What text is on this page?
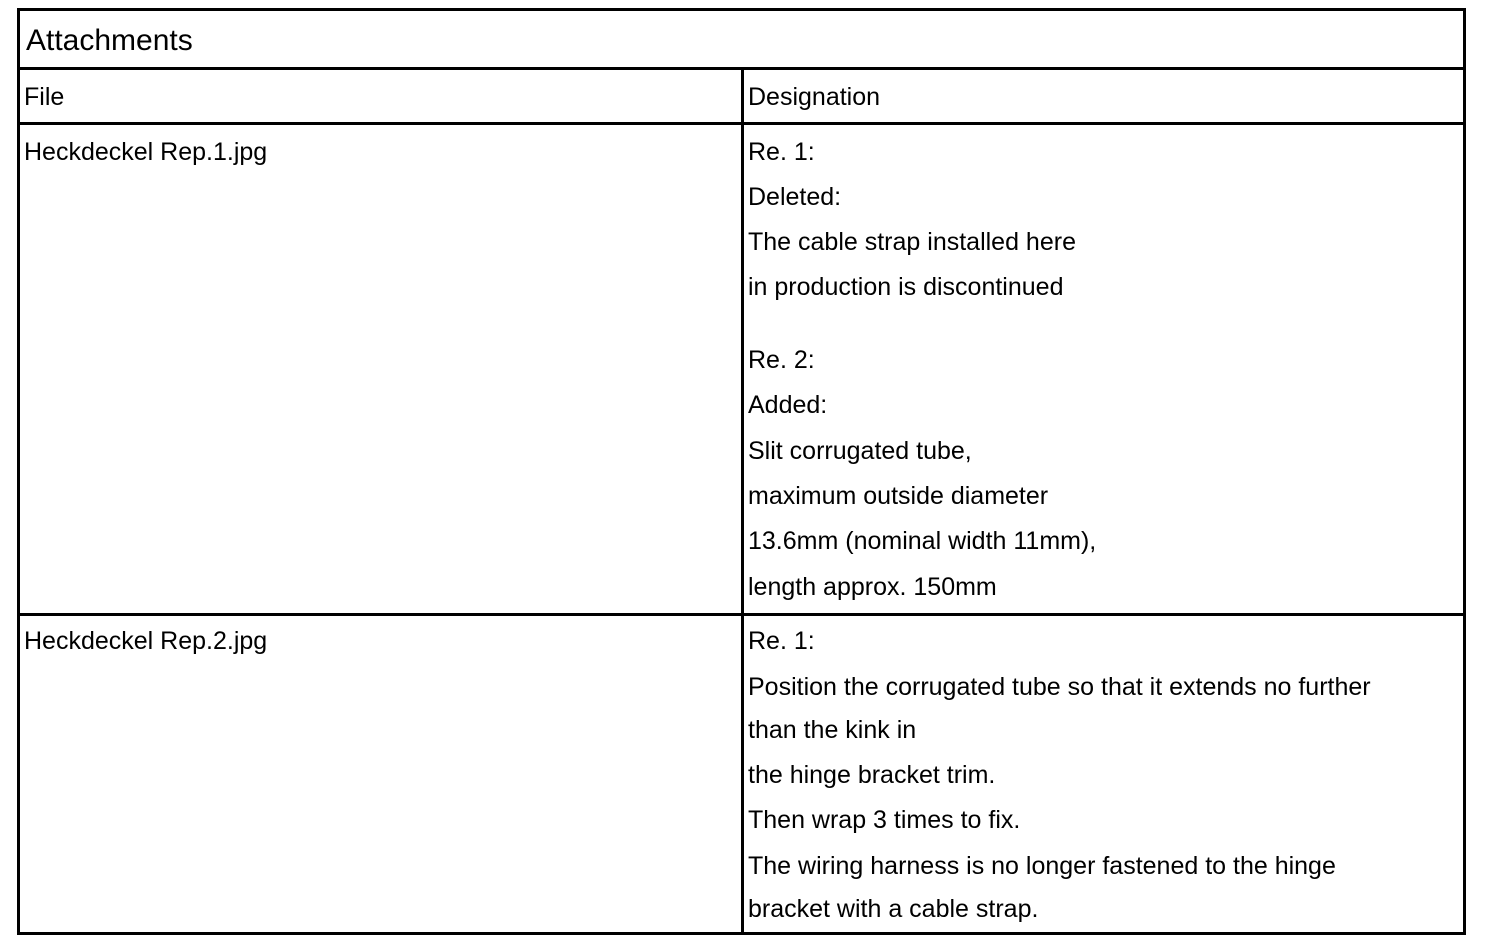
Attachments
File	Designation
Heckdeckel Rep.1.jpg	Re. 1:
Deleted:
The cable strap installed here
in production is discontinued
Re. 2:
Added:
Slit corrugated tube,
maximum outside diameter
13.6mm (nominal width 11mm),
length approx. 150mm
Heckdeckel Rep.2.jpg	Re. 1:
Position the corrugated tube so that it extends no further
than the kink in
the hinge bracket trim.
Then wrap 3 times to fix.
The wiring harness is no longer fastened to the hinge
bracket with a cable strap.
